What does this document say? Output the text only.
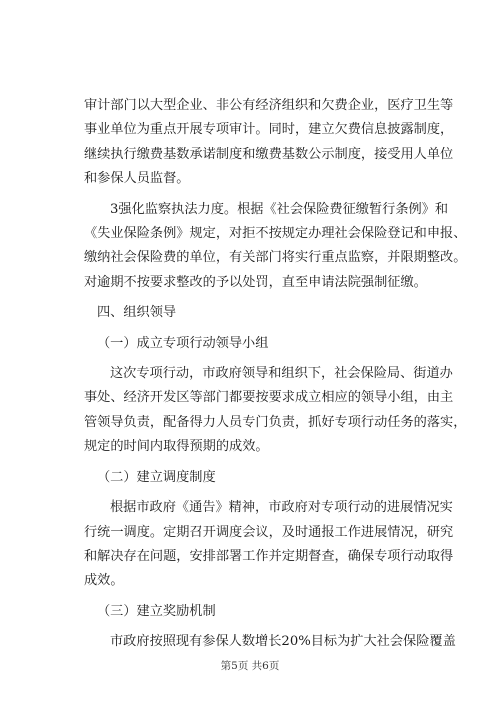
审计部门以大型企业、非公有经济组织和欠费企业，医疗卫生等
事业单位为重点开展专项审计。同时，建立欠费信息披露制度，
继续执行缴费基数承诺制度和缴费基数公示制度，接受用人单位
和参保人员监督。

3强化监察执法力度。根据《社会保险费征缴暂行条例》和
《失业保险条例》规定，对拒不按规定办理社会保险登记和申报、
缴纳社会保险费的单位，有关部门将实行重点监察，并限期整改。
对逾期不按要求整改的予以处罚，直至申请法院强制征缴。

四、组织领导
（一）成立专项行动领导小组

这次专项行动，市政府领导和组织下，社会保险局、街道办
事处、经济开发区等部门都要按要求成立相应的领导小组，由主
管领导负责，配备得力人员专门负责，抓好专项行动任务的落实，
规定的时间内取得预期的成效。

（二）建立调度制度

根据市政府《通告》精神，市政府对专项行动的进展情况实
行统一调度。定期召开调度会议，及时通报工作进展情况，研究
和解决存在问题，安排部署工作并定期督查，确保专项行动取得
成效。

（三）建立奖励机制

市政府按照现有参保人数增长20%目标为扩大社会保险覆盖

第5页 共6页
